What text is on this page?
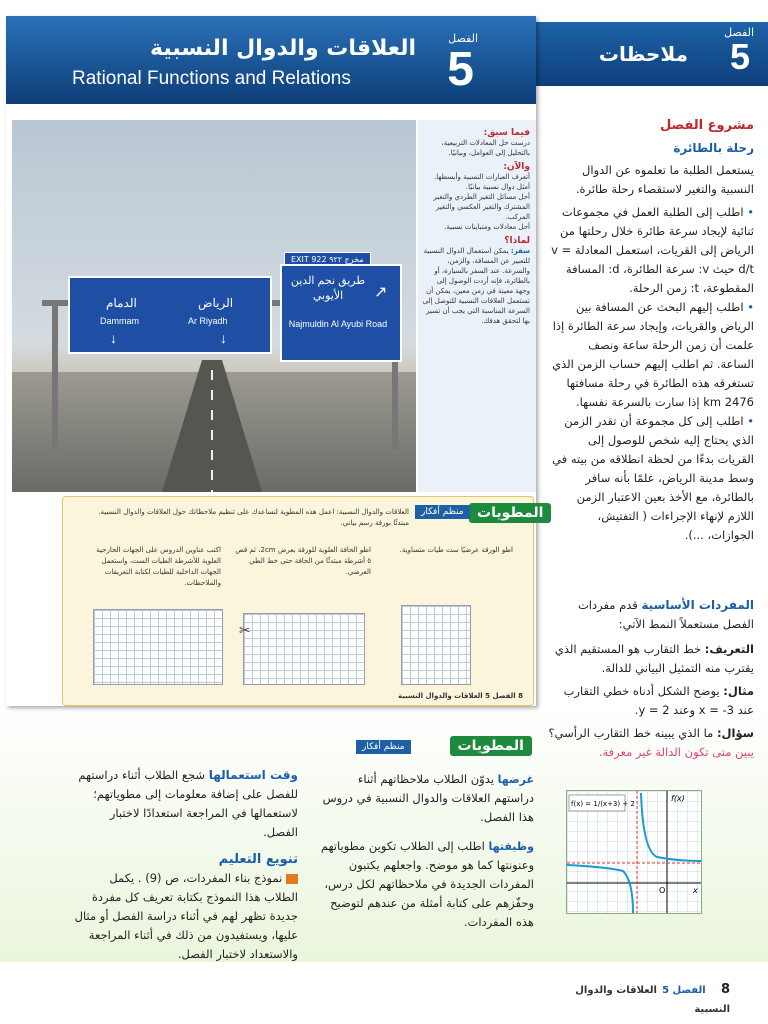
الفصل
5
ملاحظات
العلاقات والدوال النسبية
Rational Functions and Relations
الفصل
5
EXIT 922 مخرج ٩٢٢
الدمام	الرياض
Dammam	Ar Riyadh
↓	↓
طريق نجم الدين الأيوبي
Najmuldin Al Ayubi Road
↗
فيما سبق:
درست حل المعادلات التربيعية، بالتحليل إلى العوامل، وبيانيًا.
والآن:
أتعرف العبارات النسبية وأبسطها.
أمثل دوال نسبية بيانيًا.
أحل مسائل التغير الطردي والتغير المشترك والتغير العكسي والتغير المركب.
أحل معادلات ومتباينات نسبية.
لماذا؟
سفر: يمكن استعمال الدوال النسبية للتعبير عن المسافة، والزمن، والسرعة. عند السفر بالسيارة، أو بالطائرة، فإنه أردت الوصول إلى وجهة معينة في زمن معين، يمكن أن تستعمل العلاقات النسبية للتوصل إلى السرعة المناسبة التي يجب أن تسير بها لتحقق هدفك.
المطويات
منظم أفكار
العلاقات والدوال النسبية: اعمل هذه المطوية لتساعدك على تنظيم ملاحظاتك حول العلاقات والدوال النسبية. مبتدئًا بورقة رسم بياني.
اطو الورقة عرضيًا ست طيات متساوية.
اطو الحافة العلوية للورقة بعرض 2cm، ثم قص ٥ أشرطة مبتدئًا من الحافة حتى خط الطي العرضي.
اكتب عناوين الدروس على الجهات الخارجية العلوية للأشرطة الطيات الست، واستعمل الجهات الداخلية للطيات لكتابة التعريفات والملاحظات.
✂
8 الفصل 5 العلاقات والدوال النسبية
مشروع الفصل
رحلة بالطائرة
يستعمل الطلبة ما تعلموه عن الدوال النسبية والتغير لاستقصاء رحلة طائرة.
• اطلب إلى الطلبة العمل في مجموعات ثنائية لإيجاد سرعة طائرة خلال رحلتها من الرياض إلى القريات، استعمل المعادلة v = d/t حيث v: سرعة الطائرة، d: المسافة المقطوعة، t: زمن الرحلة.
• اطلب إليهم البحث عن المسافة بين الرياض والقريات، وإيجاد سرعة الطائرة إذا علمت أن زمن الرحلة ساعة ونصف الساعة. ثم اطلب إليهم حساب الزمن الذي تستغرقه هذه الطائرة في رحلة مسافتها 2476 km إذا سارت بالسرعة نفسها.
• اطلب إلى كل مجموعة أن تقدر الزمن الذي يحتاج إليه شخص للوصول إلى القريات بدءًا من لحظة انطلاقه من بيته في وسط مدينة الرياض، علمًا بأنه سافر بالطائرة، مع الأخذ بعين الاعتبار الزمن اللازم لإنهاء الإجراءات ( التفتيش، الجوازات، ...).
المفردات الأساسية قدم مفردات الفصل مستعملاً النمط الآتي:
التعريف: خط التقارب هو المستقيم الذي يقترب منه التمثيل البياني للدالة.
مثال: يوضح الشكل أدناه خطي التقارب عند x = -3 وعند y = 2.
سؤال: ما الذي يبينه خط التقارب الرأسي؟
يبين متى تكون الدالة غير معرفة.
f(x) = 1/(x+3) + 2
f(x)
x
O
المطويات
منظم أفكار
غرضها يدوّن الطلاب ملاحظاتهم أثناء دراستهم العلاقات والدوال النسبية في دروس هذا الفصل.
وظيفتها اطلب إلى الطلاب تكوين مطوياتهم وعنونتها كما هو موضح. واجعلهم يكتبون المفردات الجديدة في ملاحظاتهم لكل درس، وحفّزهم على كتابة أمثلة من عندهم لتوضيح هذه المفردات.
وقت استعمالها شجع الطلاب أثناء دراستهم للفصل على إضافة معلومات إلى مطوياتهم؛ لاستعمالها في المراجعة استعدادًا لاختبار الفصل.
تنويع التعليم
نموذج بناء المفردات، ص (9) . يكمل الطلاب هذا النموذج بكتابة تعريف كل مفردة جديدة تظهر لهم في أثناء دراسة الفصل أو مثال عليها، ويستفيدون من ذلك في أثناء المراجعة والاستعداد لاختبار الفصل.
8   الفصل 5 العلاقات والدوال النسبية
